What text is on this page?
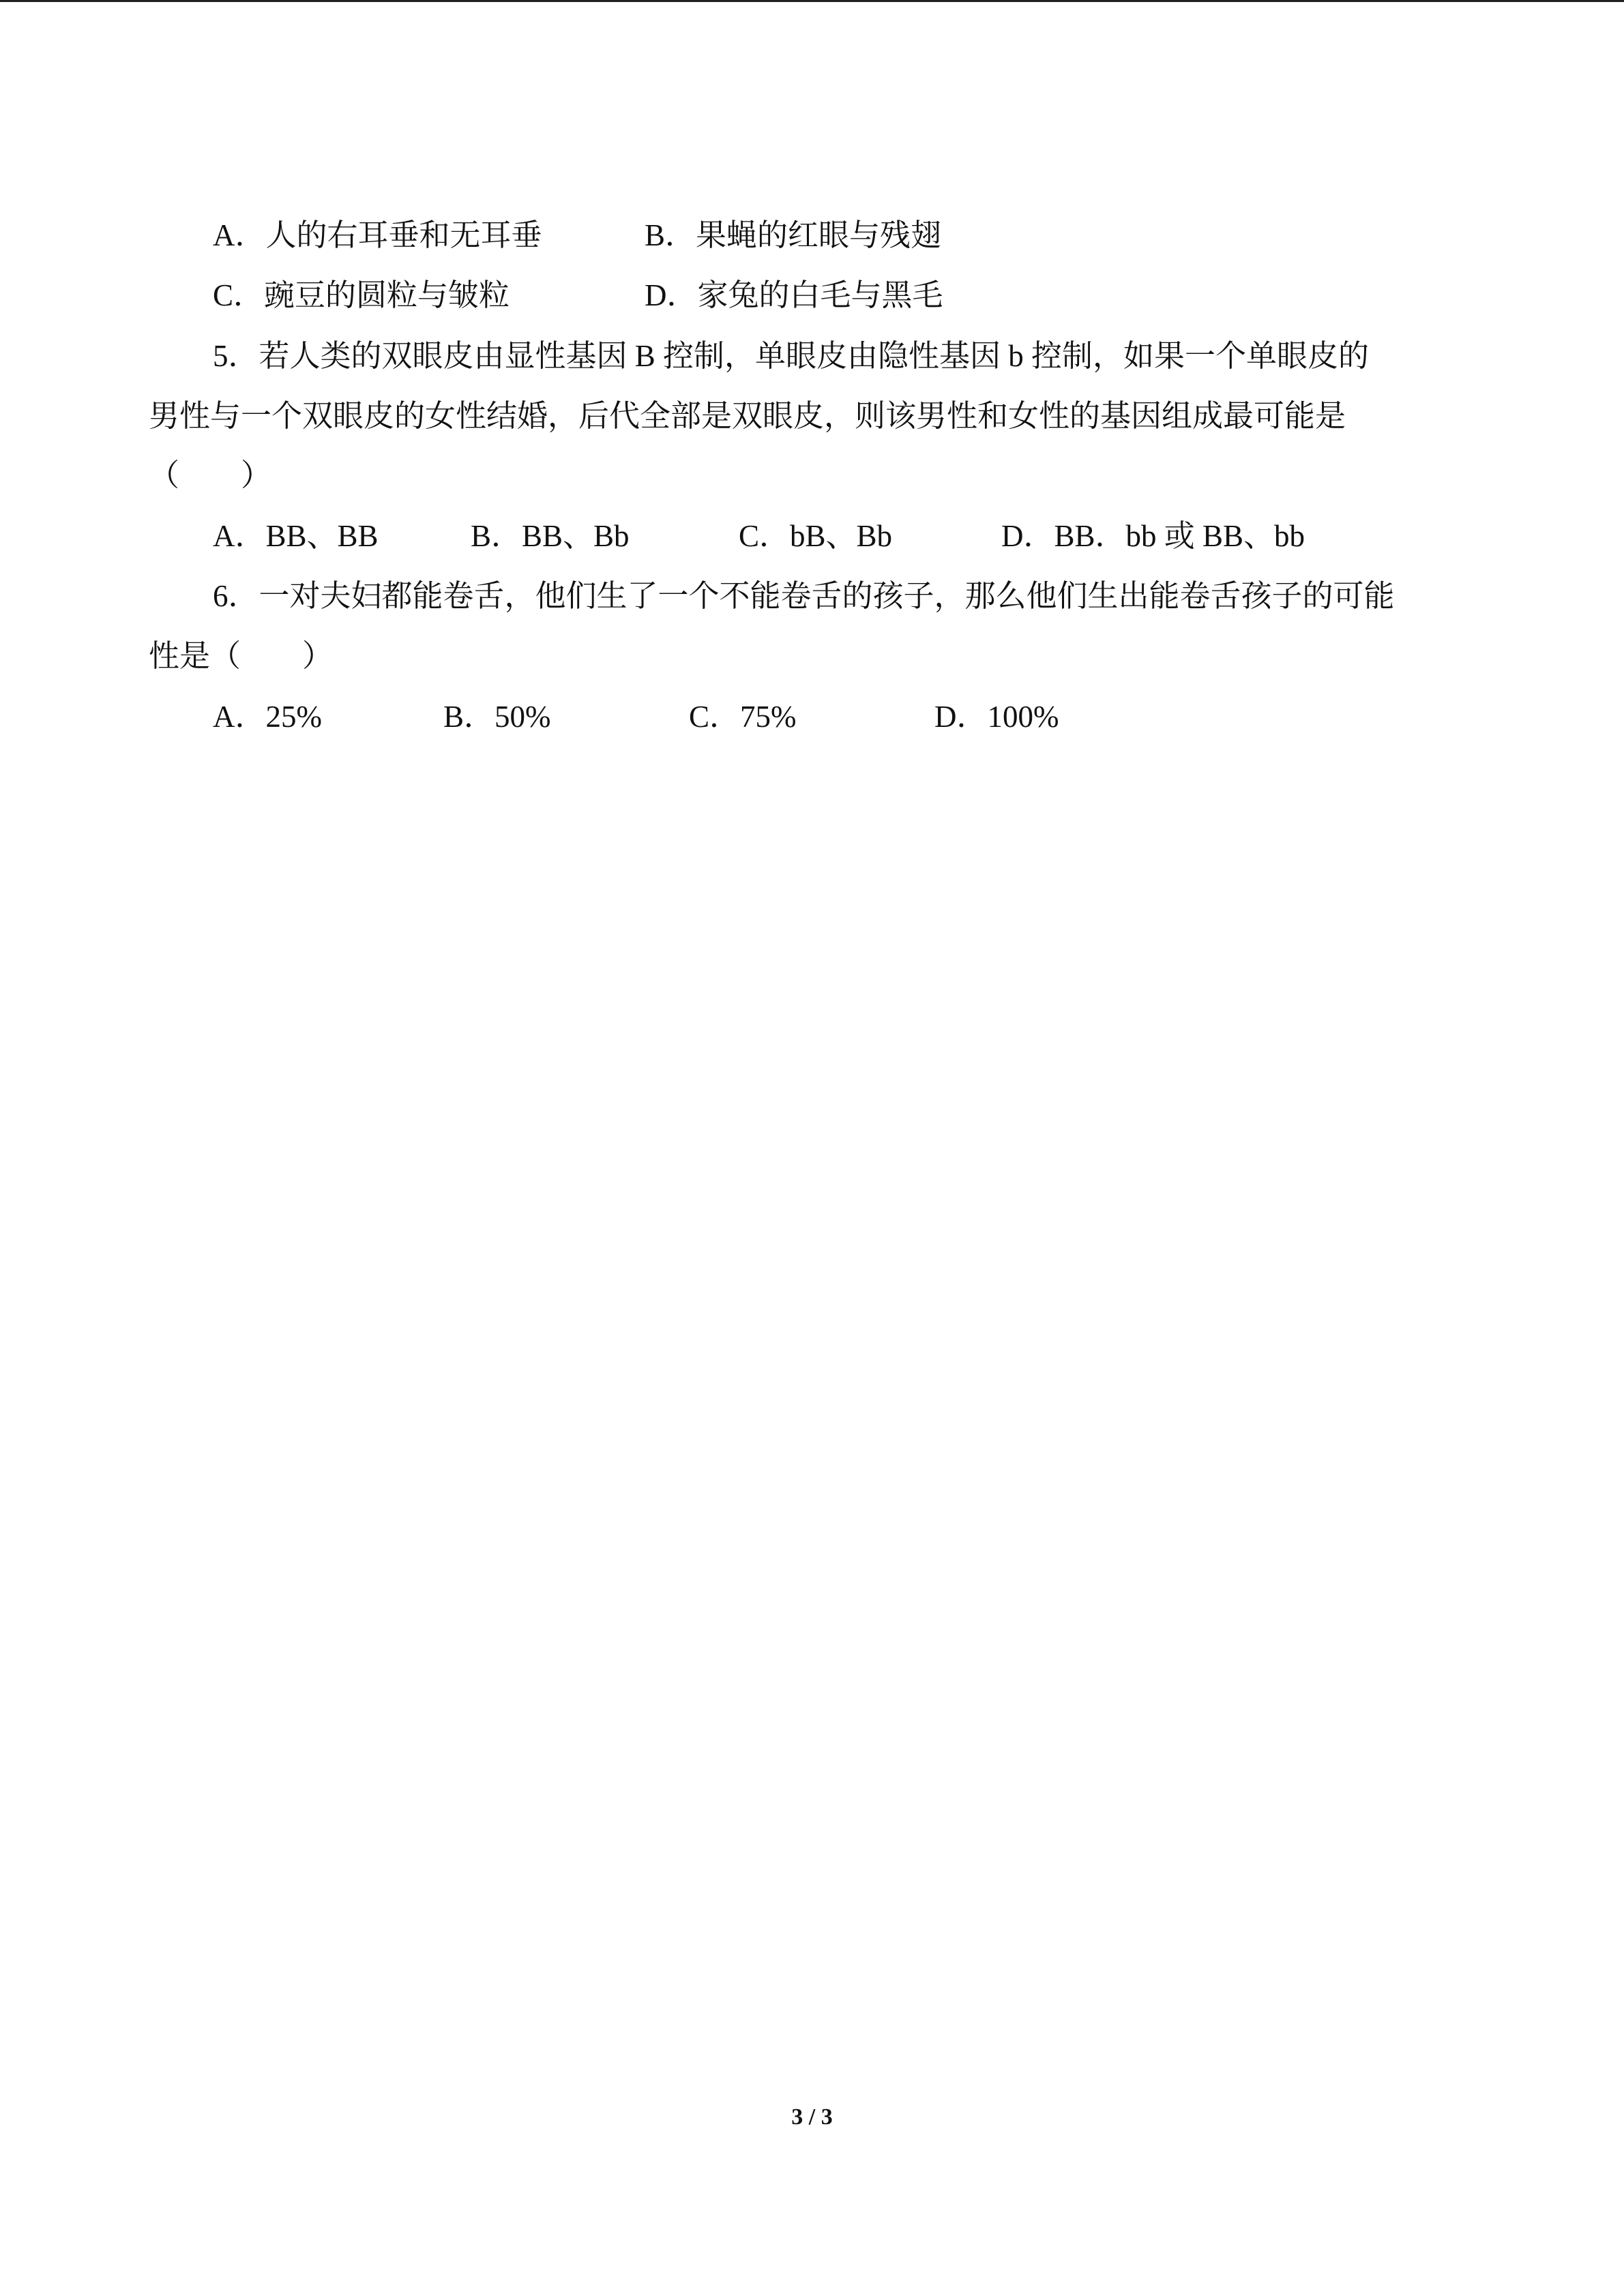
A．人的右耳垂和无耳垂	B．果蝇的红眼与残翅
C．豌豆的圆粒与皱粒	D．家兔的白毛与黑毛
5．若人类的双眼皮由显性基因 B 控制，单眼皮由隐性基因 b 控制，如果一个单眼皮的
男性与一个双眼皮的女性结婚，后代全部是双眼皮，则该男性和女性的基因组成最可能是
（　　）
A．BB、BB	B．BB、Bb	C．bB、Bb	D．BB．bb 或 BB、bb
6．一对夫妇都能卷舌，他们生了一个不能卷舌的孩子，那么他们生出能卷舌孩子的可能
性是（　　）
A．25%	B．50%	C．75%	D．100%
3 / 3
